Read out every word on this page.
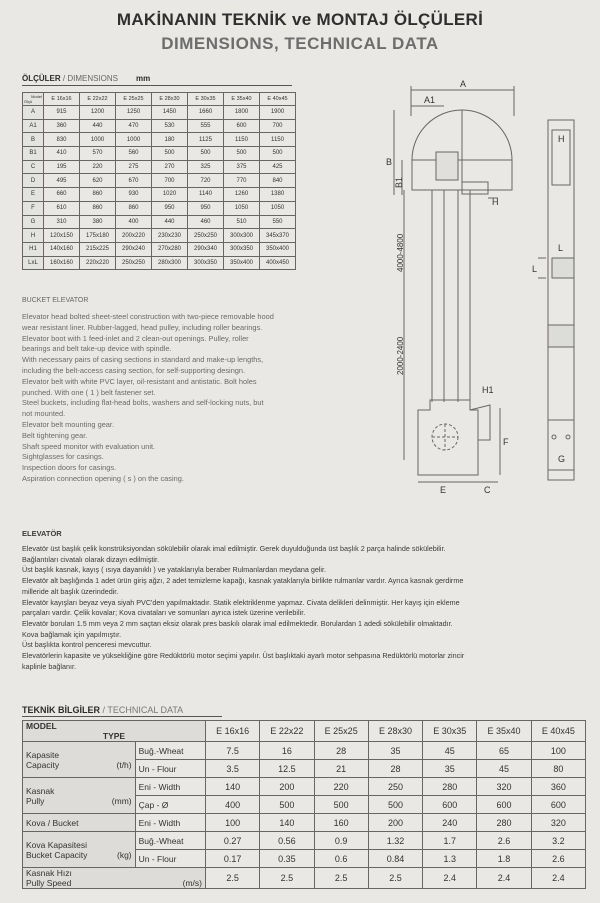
MAKİNANIN TEKNİK ve MONTAJ ÖLÇÜLERİ
DIMENSIONS, TECHNICAL DATA
ÖLÇÜLER / DIMENSIONS mm
Model
Ölçü	E 16x16	E 22x22	E 25x25	E 28x30	E 30x35	E 35x40	E 40x45
A	915	1200	1250	1450	1660	1800	1900
A1	360	440	470	530	555	600	700
B	830	1000	1000	180	1125	1150	1150
B1	410	570	560	500	500	500	500
C	195	220	275	270	325	375	425
D	495	620	670	700	720	770	840
E	660	860	930	1020	1140	1260	1380
F	610	860	860	950	950	1050	1050
G	310	380	400	440	460	510	550
H	120x150	175x180	200x220	230x230	250x250	300x300	345x370
H1	140x160	215x225	290x240	270x280	290x340	300x350	350x400
LxL	160x160	220x220	250x250	280x300	300x350	350x400	400x450
A
A1
B
B1
H
4000-4800
2000-2400
H1
F
E	C
H
L
L
G
BUCKET ELEVATOR
Elevator head bolted sheet-steel construction with two-piece removable hood
wear resistant liner. Rubber-lagged, head pulley, including roller bearings.
Elevator boot with 1 feed-inlet and 2 clean-out openings. Pulley, roller
bearings and belt take-up device with spindle.
With necessary pairs of casing sections in standard and make-up lengths,
including the belt-access casing section, for self-supporting desingn.
Elevator belt with white PVC layer, oil-resistant and antistatic. Bolt holes
punched. With one ( 1 ) belt fastener set.
Steel buckets, including flat-head bolts, washers and self-locking nuts, but
not mounted.
Elevator belt mounting gear.
Belt tightening gear.
Shaft speed monitor with evaluation unit.
Sightglasses for casings.
Inspection doors for casings.
Aspiration connection opening ( s ) on the casing.
ELEVATÖR
Elevatör üst başlık çelik konstrüksiyondan sökülebilir olarak imal edilmiştir. Gerek duyulduğunda üst başlık 2 parça halinde sökülebilir.
Bağlantıları civatalı olarak dizayn edilmiştir.
Üst başlık kasnak, kayış ( ısıya dayanıklı ) ve yataklarıyla beraber Rulmanlardan meydana gelir.
Elevatör alt başlığında 1 adet ürün giriş ağzı, 2 adet temizleme kapağı, kasnak yataklarıyla birlikte rulmanlar vardır. Ayrıca kasnak gerdirme
milleride alt başlık üzerindedir.
Elevatör kayışları beyaz veya siyah PVC'den yapılmaktadır. Statik elektriklenme yapmaz. Civata delikleri delinmiştir. Her kayış için ekleme
parçaları vardır. Çelik kovalar; Kova civataları ve somunları ayrıca istek üzerine verilebilir.
Elevatör boruları 1.5 mm veya 2 mm saçtan eksiz olarak pres baskılı olarak imal edilmektedir. Borulardan 1 adedi sökülebilir olmaktadır.
Kova bağlamak için yapılmıştır.
Üst başlıkta kontrol penceresi mevcuttur.
Elevatörlerin kapasite ve yüksekliğine göre Redüktörlü motor seçimi yapılır. Üst başlıktaki ayarlı motor sehpasına Redüktörlü motorlar zincir
kaplinle bağlanır.
TEKNİK BİLGİLER / TECHNICAL DATA
MODEL
TYPE		E 16x16	E 22x22	E 25x25	E 28x30	E 30x35	E 35x40	E 40x45

Kapasite
Capacity (t/h)	Buğ.-Wheat	7.5	16	28	35	45	65	100
	Un - Flour	3.5	12.5	21	28	35	45	80

Kasnak
Pully (mm)	Eni - Width	140	200	220	250	280	320	360
	Çap - Ø	400	500	500	500	600	600	600

Kova / Bucket	Eni - Width	100	140	160	200	240	280	320

Kova Kapasitesi
Bucket Capacity (kg)	Buğ.-Wheat	0.27	0.56	0.9	1.32	1.7	2.6	3.2
	Un - Flour	0.17	0.35	0.6	0.84	1.3	1.8	2.6

Kasnak Hızı
Pully Speed (m/s)		2.5	2.5	2.5	2.5	2.4	2.4	2.4
